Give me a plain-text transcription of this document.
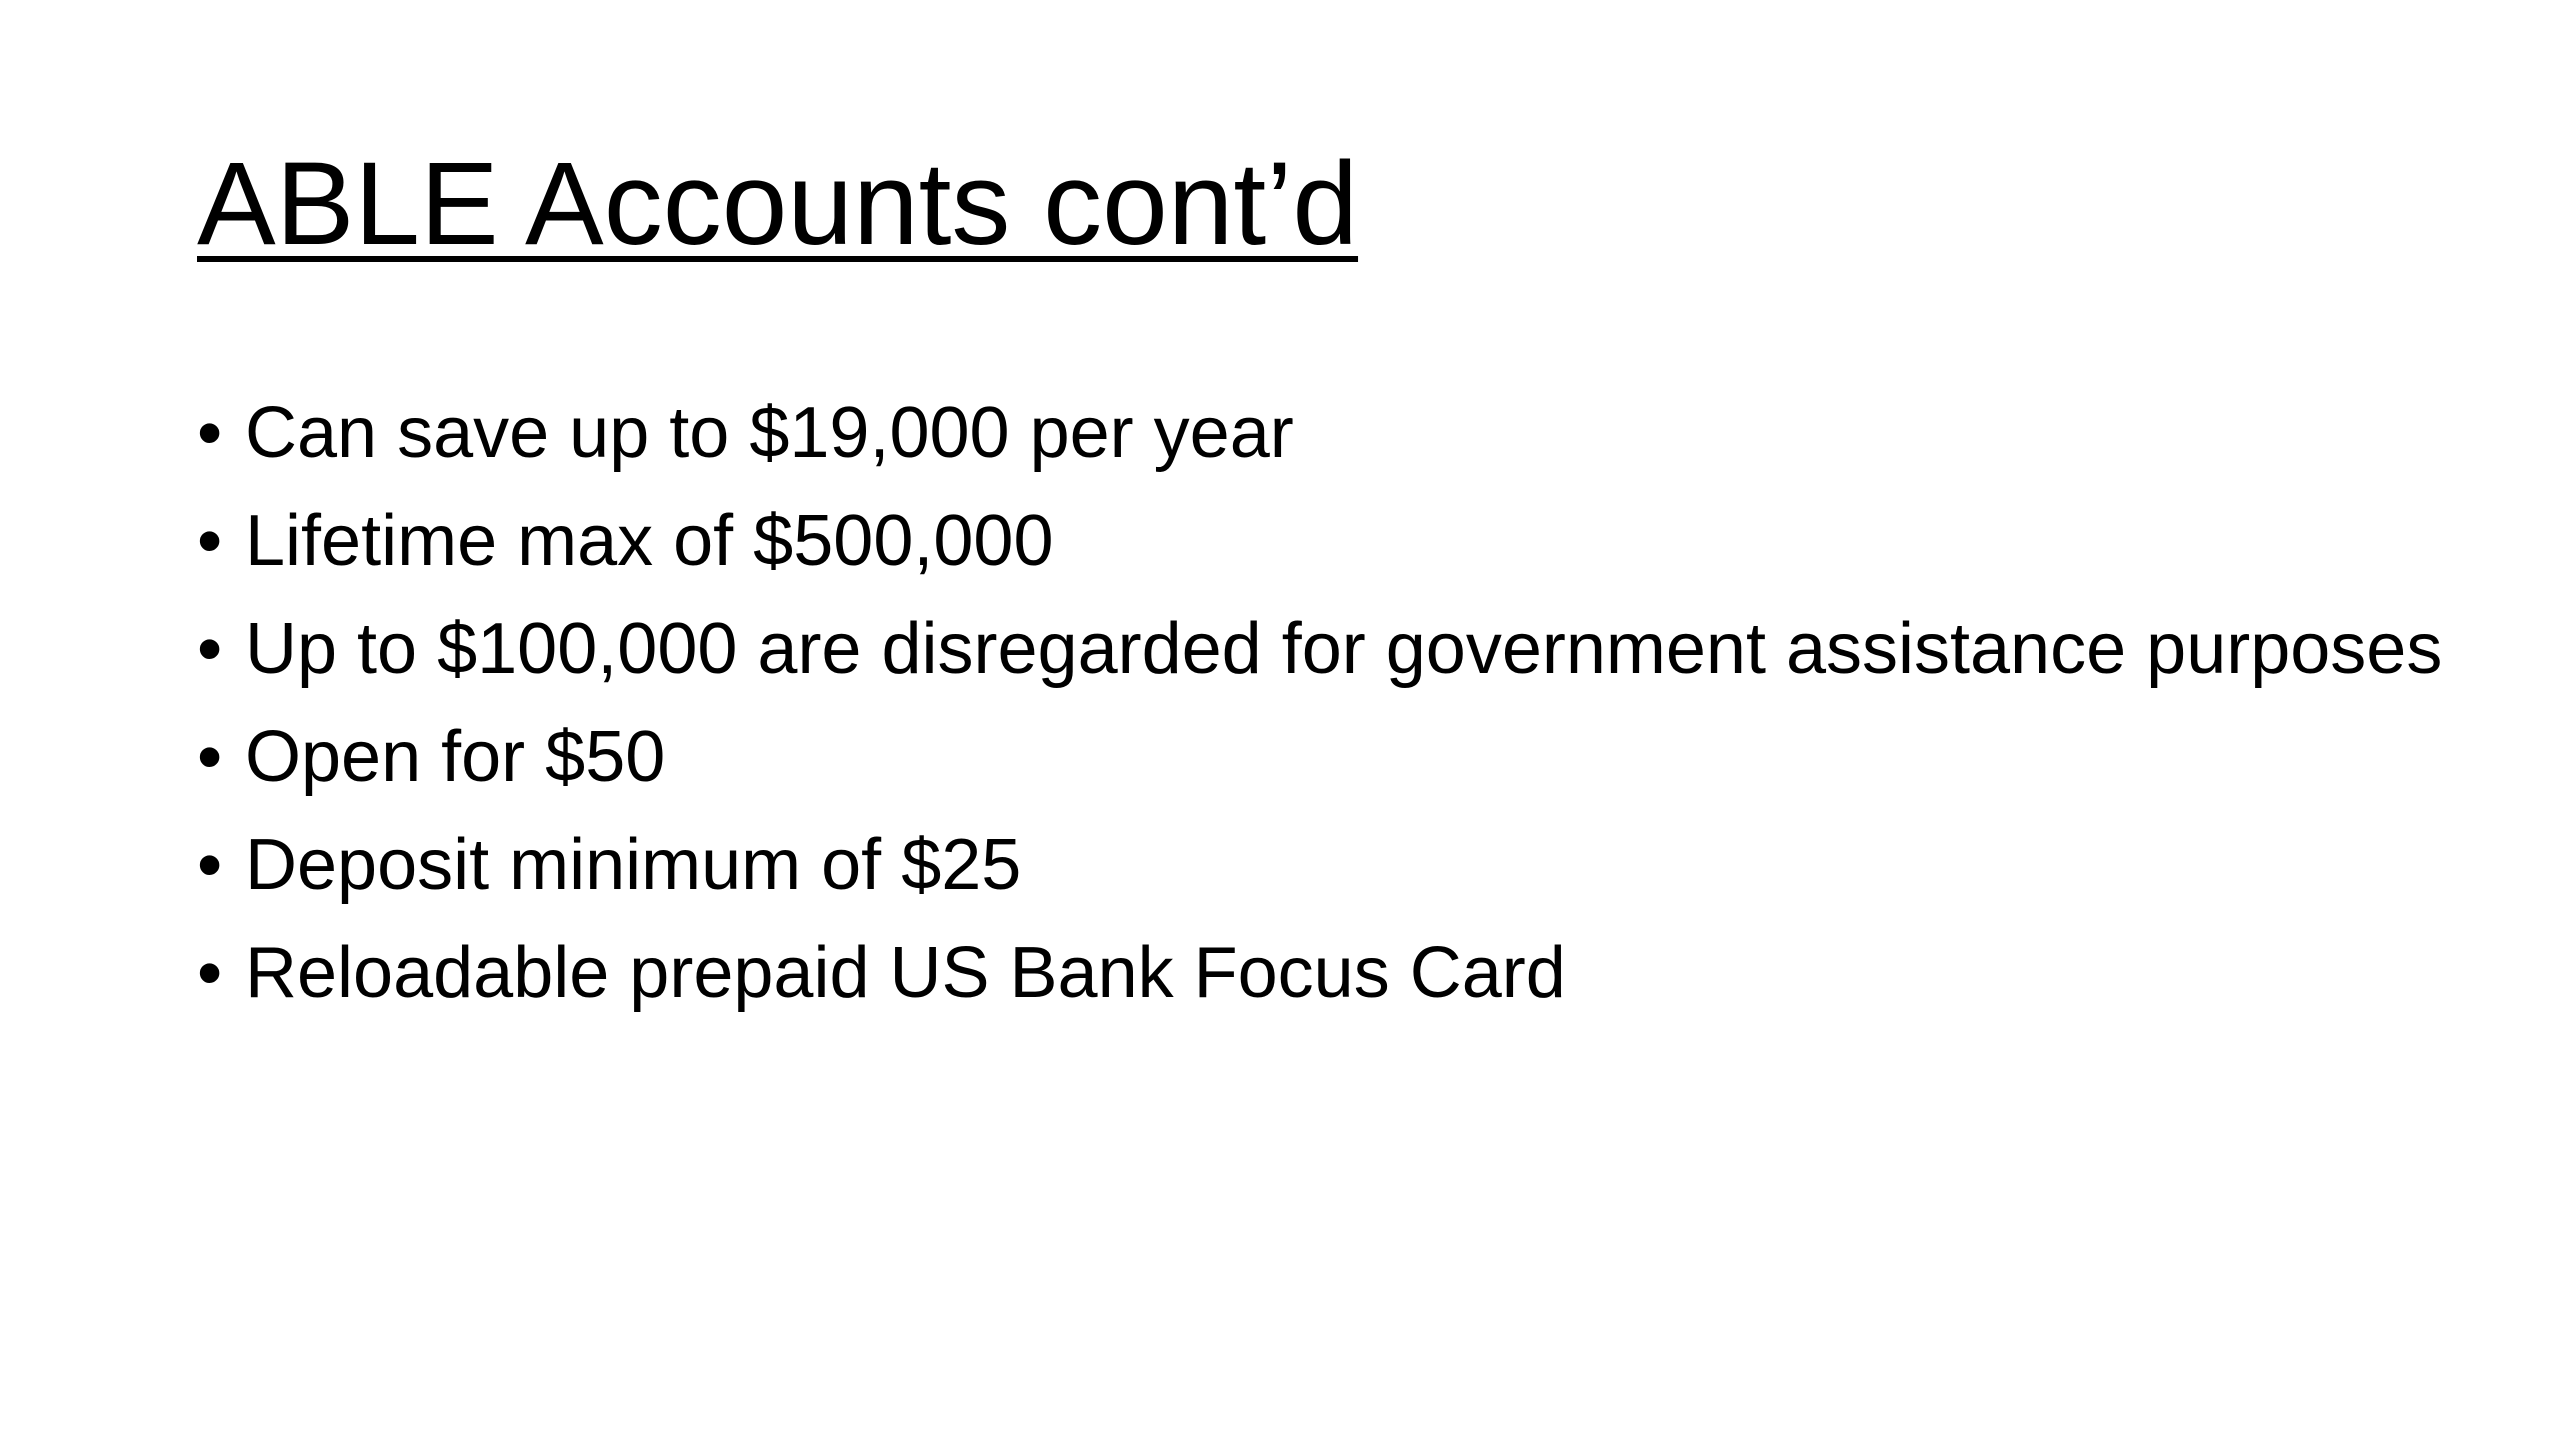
ABLE Accounts cont’d
• Can save up to $19,000 per year
• Lifetime max of $500,000
• Up to $100,000 are disregarded for government assistance purposes
• Open for $50
• Deposit minimum of $25
• Reloadable prepaid US Bank Focus Card
